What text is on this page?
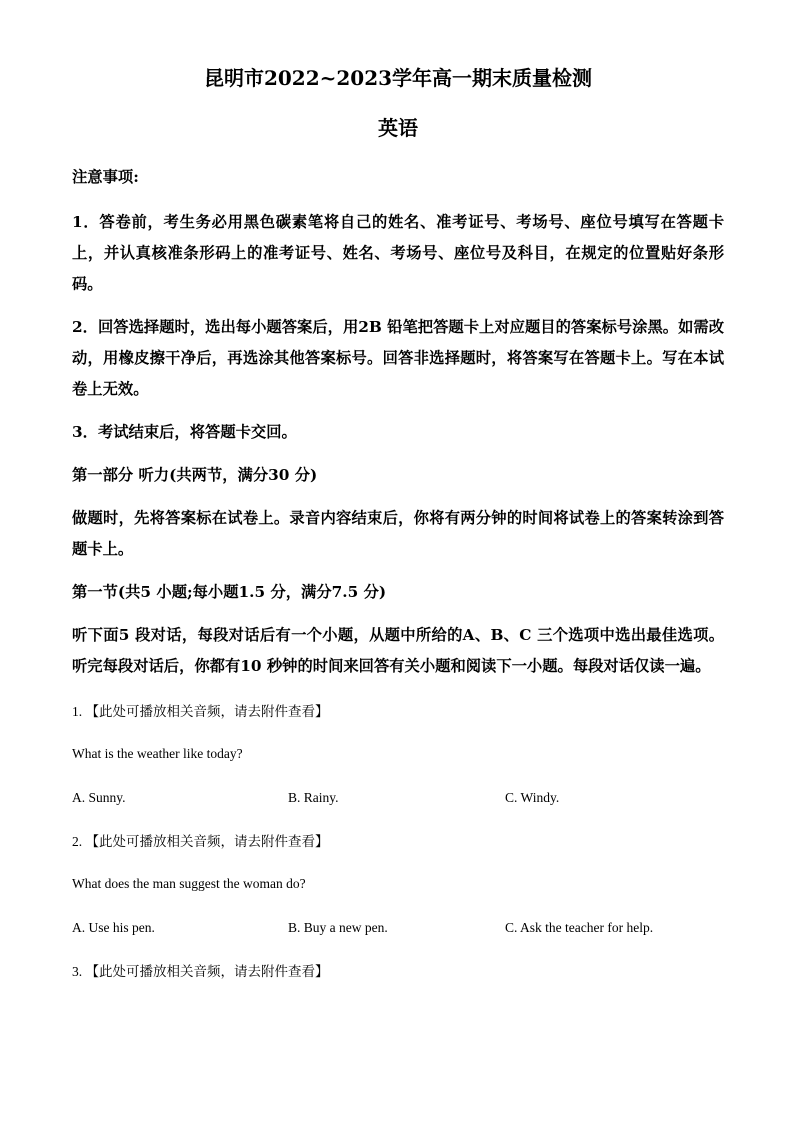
昆明市2022~2023学年高一期末质量检测
英语

注意事项:

1．答卷前，考生务必用黑色碳素笔将自己的姓名、准考证号、考场号、座位号填写在答题卡上，并认真核准条形码上的准考证号、姓名、考场号、座位号及科目，在规定的位置贴好条形码。

2．回答选择题时，选出每小题答案后，用2B 铅笔把答题卡上对应题目的答案标号涂黑。如需改动，用橡皮擦干净后，再选涂其他答案标号。回答非选择题时，将答案写在答题卡上。写在本试卷上无效。

3．考试结束后，将答题卡交回。

第一部分 听力(共两节，满分30 分)

做题时，先将答案标在试卷上。录音内容结束后，你将有两分钟的时间将试卷上的答案转涂到答题卡上。

第一节(共5 小题;每小题1.5 分，满分7.5 分)

听下面5 段对话，每段对话后有一个小题，从题中所给的A、B、C 三个选项中选出最佳选项。听完每段对话后，你都有10 秒钟的时间来回答有关小题和阅读下一小题。每段对话仅读一遍。

1. 【此处可播放相关音频，请去附件查看】

What is the weather like today?

A. Sunny.	B. Rainy.	C. Windy.

2. 【此处可播放相关音频，请去附件查看】

What does the man suggest the woman do?

A. Use his pen.	B. Buy a new pen.	C. Ask the teacher for help.

3. 【此处可播放相关音频，请去附件查看】
